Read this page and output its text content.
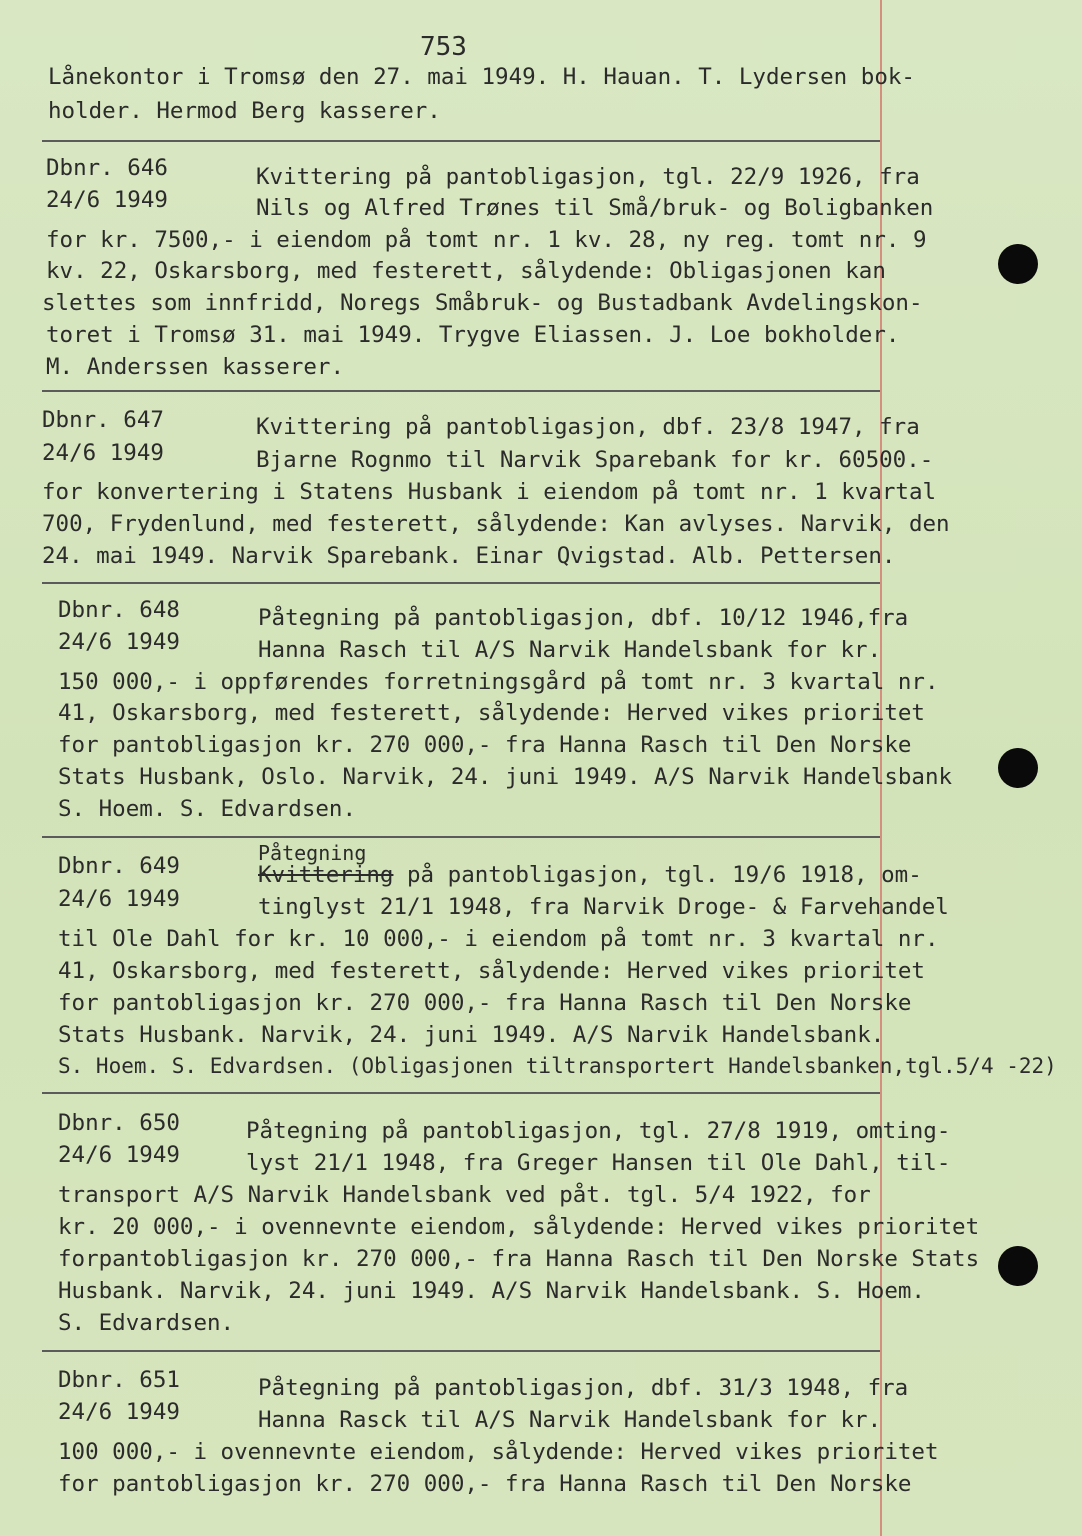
753
Lånekontor i Tromsø den 27. mai 1949. H. Hauan. T. Lydersen bok-
holder. Hermod Berg kasserer.
Dbnr. 646
24/6 1949
Kvittering på pantobligasjon, tgl. 22/9 1926, fra
Nils og Alfred Trønes til Små/bruk- og Boligbanken
for kr. 7500,- i eiendom på tomt nr. 1 kv. 28, ny reg. tomt nr. 9
kv. 22, Oskarsborg, med festerett, sålydende: Obligasjonen kan
slettes som innfridd, Noregs Småbruk- og Bustadbank Avdelingskon-
toret i Tromsø 31. mai 1949. Trygve Eliassen. J. Loe bokholder.
M. Anderssen kasserer.
Dbnr. 647
24/6 1949
Kvittering på pantobligasjon, dbf. 23/8 1947, fra
Bjarne Rognmo til Narvik Sparebank for kr. 60500.-
for konvertering i Statens Husbank i eiendom på tomt nr. 1 kvartal
700, Frydenlund, med festerett, sålydende: Kan avlyses. Narvik, den
24. mai 1949. Narvik Sparebank. Einar Qvigstad. Alb. Pettersen.
Dbnr. 648
24/6 1949
Påtegning på pantobligasjon, dbf. 10/12 1946,fra
Hanna Rasch til A/S Narvik Handelsbank for kr.
150 000,- i oppførendes forretningsgård på tomt nr. 3 kvartal nr.
41, Oskarsborg, med festerett, sålydende: Herved vikes prioritet
for pantobligasjon kr. 270 000,- fra Hanna Rasch til Den Norske
Stats Husbank, Oslo. Narvik, 24. juni 1949. A/S Narvik Handelsbank
S. Hoem. S. Edvardsen.
Dbnr. 649
24/6 1949
Påtegning
Kvittering på pantobligasjon, tgl. 19/6 1918, om-
tinglyst 21/1 1948, fra Narvik Droge- & Farvehandel
til Ole Dahl for kr. 10 000,- i eiendom på tomt nr. 3 kvartal nr.
41, Oskarsborg, med festerett, sålydende: Herved vikes prioritet
for pantobligasjon kr. 270 000,- fra Hanna Rasch til Den Norske
Stats Husbank. Narvik, 24. juni 1949. A/S Narvik Handelsbank.
S. Hoem. S. Edvardsen. (Obligasjonen tiltransportert Handelsbanken,tgl.5/4 -22)
Dbnr. 650
24/6 1949
Påtegning på pantobligasjon, tgl. 27/8 1919, omting-
lyst 21/1 1948, fra Greger Hansen til Ole Dahl, til-
transport A/S Narvik Handelsbank ved påt. tgl. 5/4 1922, for
kr. 20 000,- i ovennevnte eiendom, sålydende: Herved vikes prioritet
forpantobligasjon kr. 270 000,- fra Hanna Rasch til Den Norske Stats
Husbank. Narvik, 24. juni 1949. A/S Narvik Handelsbank. S. Hoem.
S. Edvardsen.
Dbnr. 651
24/6 1949
Påtegning på pantobligasjon, dbf. 31/3 1948, fra
Hanna Rasck til A/S Narvik Handelsbank for kr.
100 000,- i ovennevnte eiendom, sålydende: Herved vikes prioritet
for pantobligasjon kr. 270 000,- fra Hanna Rasch til Den Norske
